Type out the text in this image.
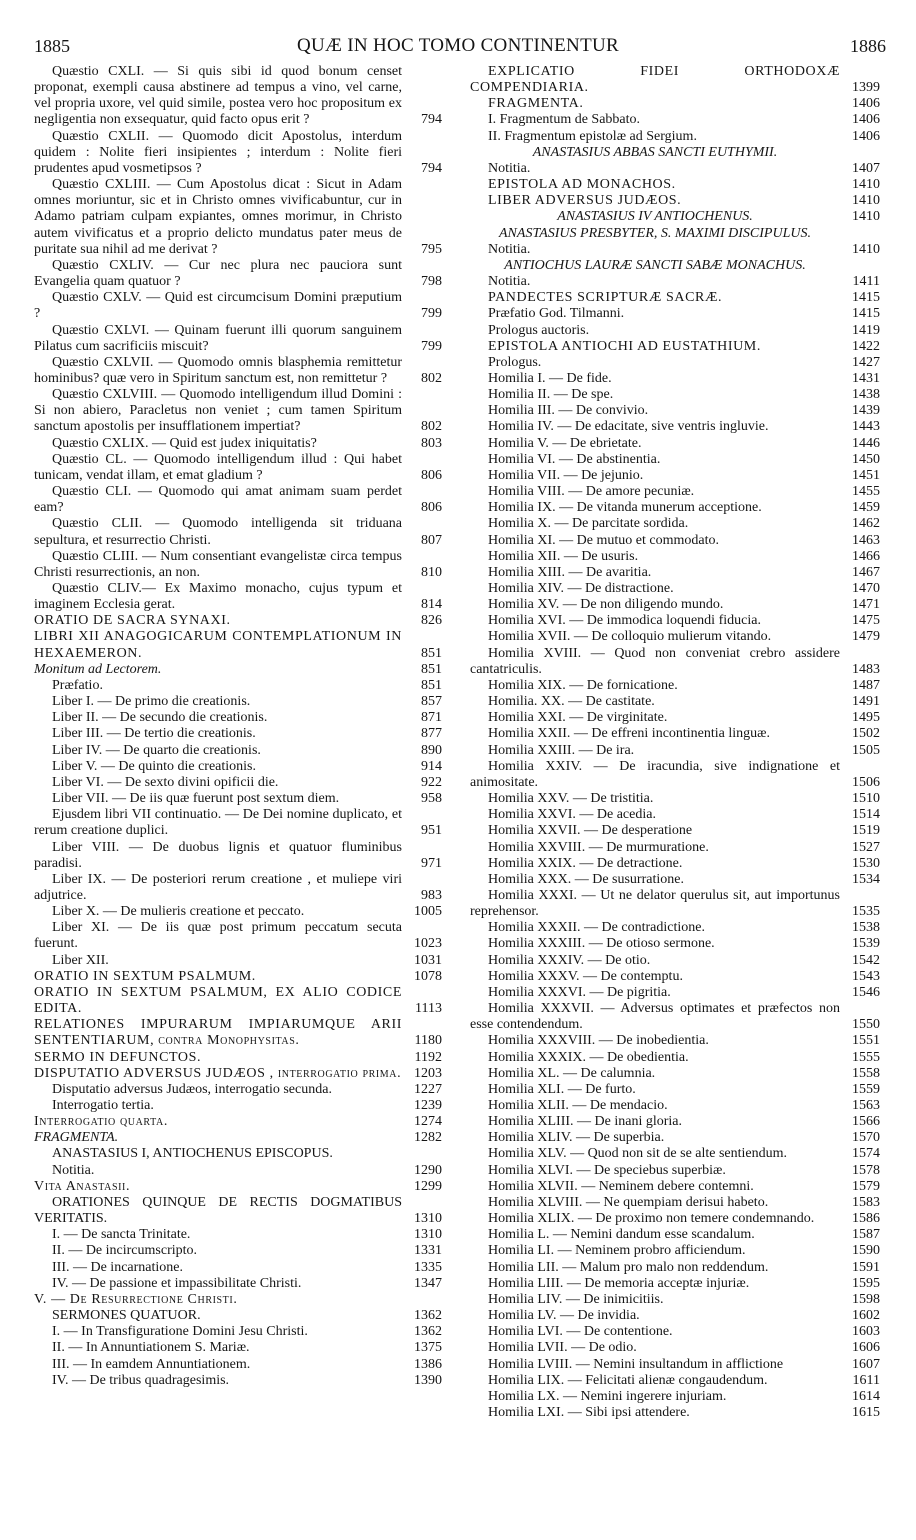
1885	QUÆ IN HOC TOMO CONTINENTUR	1886
Quæstio CXLI. — Si quis sibi id quod bonum censet proponat, exempli causa abstinere ad tempus a vino, vel carne, vel propria uxore, vel quid simile, postea vero hoc propositum ex negligentia non exsequatur, quid facto opus erit ?	794
Quæstio CXLII. — Quomodo dicit Apostolus, interdum quidem : Nolite fieri insipientes ; interdum : Nolite fieri prudentes apud vosmetipsos ?	794
Quæstio CXLIII. — Cum Apostolus dicat : Sicut in Adam omnes moriuntur, sic et in Christo omnes vivificabuntur, cur in Adamo patriam culpam expiantes, omnes morimur, in Christo autem vivificatus et a proprio delicto mundatus pater meus de puritate sua nihil ad me derivat ?	795
Quæstio CXLIV. — Cur nec plura nec pauciora sunt Evangelia quam quatuor ?	798
Quæstio CXLV. — Quid est circumcisum Domini præputium ?	799
Quæstio CXLVI. — Quinam fuerunt illi quorum sanguinem Pilatus cum sacrificiis miscuit?	799
Quæstio CXLVII. — Quomodo omnis blasphemia remittetur hominibus? quæ vero in Spiritum sanctum est, non remittetur ?	802
Quæstio CXLVIII. — Quomodo intelligendum illud Domini : Si non abiero, Paracletus non veniet ; cum tamen Spiritum sanctum apostolis per insufflationem impertiat?	802
Quæstio CXLIX. — Quid est judex iniquitatis?	803
Quæstio CL. — Quomodo intelligendum illud : Qui habet tunicam, vendat illam, et emat gladium ?	806
Quæstio CLI. — Quomodo qui amat animam suam perdet eam?	806
Quæstio CLII. — Quomodo intelligenda sit triduana sepultura, et resurrectio Christi.	807
Quæstio CLIII. — Num consentiant evangelistæ circa tempus Christi resurrectionis, an non.	810
Quæstio CLIV.— Ex Maximo monacho, cujus typum et imaginem Ecclesia gerat.	814
ORATIO DE SACRA SYNAXI.	826
LIBRI XII ANAGOGICARUM CONTEMPLATIONUM IN HEXAEMERON.	851
Monitum ad Lectorem.	851
Præfatio.	851
Liber I. — De primo die creationis.	857
Liber II. — De secundo die creationis.	871
Liber III. — De tertio die creationis.	877
Liber IV. — De quarto die creationis.	890
Liber V. — De quinto die creationis.	914
Liber VI. — De sexto divini opificii die.	922
Liber VII. — De iis quæ fuerunt post sextum diem.	958
Ejusdem libri VII continuatio. — De Dei nomine duplicato, et rerum creatione duplici.	951
Liber VIII. — De duobus lignis et quatuor fluminibus paradisi.	971
Liber IX. — De posteriori rerum creatione , et mulieре viri adjutrice.	983
Liber X. — De mulieris creatione et peccato.	1005
Liber XI. — De iis quæ post primum peccatum secuta fuerunt.	1023
Liber XII.	1031
ORATIO IN SEXTUM PSALMUM.	1078
ORATIO IN SEXTUM PSALMUM, EX ALIO CODICE EDITA.	1113
RELATIONES IMPURARUM IMPIARUMQUE ARII SENTENTIARUM, contra Monophysitas.	1180
SERMO IN DEFUNCTOS.	1192
DISPUTATIO ADVERSUS JUDÆOS , interrogatio prima. 1203
Disputatio adversus Judæos, interrogatio secunda.	1227
Interrogatio tertia.	1239
Interrogatio quarta.	1274
FRAGMENTA.	1282
ANASTASIUS I, ANTIOCHENUS EPISCOPUS.
Notitia.	1290
Vita Anastasii.	1299
ORATIONES QUINQUE DE RECTIS DOGMATIBUS VERITATIS.	1310
I. — De sancta Trinitate.	1310
II. — De incircumscripto.	1331
III. — De incarnatione.	1335
IV. — De passione et impassibilitate Christi.	1347
V. — De Resurrectione Christi.
SERMONES QUATUOR.	1362
I. — In Transfiguratione Domini Jesu Christi.	1362
II. — In Annuntiationem S. Mariæ.	1375
III. — In eamdem Annuntiationem.	1386
IV. — De tribus quadragesimis.	1390
EXPLICATIO FIDEI ORTHODOXÆ COMPENDIARIA.	1399
FRAGMENTA.	1406
I. Fragmentum de Sabbato.	1406
II. Fragmentum epistolæ ad Sergium.	1406
ANASTASIUS ABBAS SANCTI EUTHYMII.
Notitia.	1407
EPISTOLA AD MONACHOS.	1410
LIBER ADVERSUS JUDÆOS.	1410
ANASTASIUS IV ANTIOCHENUS.	1410
ANASTASIUS PRESBYTER, S. MAXIMI DISCIPULUS.
Notitia.	1410
ANTIOCHUS LAURÆ SANCTI SABÆ MONACHUS.
Notitia.	1411
PANDECTES SCRIPTURÆ SACRÆ.	1415
Præfatio God. Tilmanni.	1415
Prologus auctoris.	1419
EPISTOLA ANTIOCHI AD EUSTATHIUM.	1422
Prologus.	1427
Homilia I. — De fide.	1431
Homilia II. — De spe.	1438
Homilia III. — De convivio.	1439
Homilia IV. — De edacitate, sive ventris ingluvie.	1443
Homilia V. — De ebrietate.	1446
Homilia VI. — De abstinentia.	1450
Homilia VII. — De jejunio.	1451
Homilia VIII. — De amore pecuniæ.	1455
Homilia IX. — De vitanda munerum acceptione.	1459
Homilia X. — De parcitate sordida.	1462
Homilia XI. — De mutuo et commodato.	1463
Homilia XII. — De usuris.	1466
Homilia XIII. — De avaritia.	1467
Homilia XIV. — De distractione.	1470
Homilia XV. — De non diligendo mundo.	1471
Homilia XVI. — De immodica loquendi fiducia.	1475
Homilia XVII. — De colloquio mulierum vitando.	1479
Homilia XVIII. — Quod non conveniat crebro assidere cantatriculis.	1483
Homilia XIX. — De fornicatione.	1487
Homilia. XX. — De castitate.	1491
Homilia XXI. — De virginitate.	1495
Homilia XXII. — De effreni incontinentia linguæ.	1502
Homilia XXIII. — De ira.	1505
Homilia XXIV. — De iracundia, sive indignatione et animositate.	1506
Homilia XXV. — De tristitia.	1510
Homilia XXVI. — De acedia.	1514
Homilia XXVII. — De desperatione	1519
Homilia XXVIII. — De murmuratione.	1527
Homilia XXIX. — De detractione.	1530
Homilia XXX. — De susurratione.	1534
Homilia XXXI. — Ut ne delator querulus sit, aut importunus reprehensor.	1535
Homilia XXXII. — De contradictione.	1538
Homilia XXXIII. — De otioso sermone.	1539
Homilia XXXIV. — De otio.	1542
Homilia XXXV. — De contemptu.	1543
Homilia XXXVI. — De pigritia.	1546
Homilia XXXVII. — Adversus optimates et præfectos non esse contendendum.	1550
Homilia XXXVIII. — De inobedientia.	1551
Homilia XXXIX. — De obedientia.	1555
Homilia XL. — De calumnia.	1558
Homilia XLI. — De furto.	1559
Homilia XLII. — De mendacio.	1563
Homilia XLIII. — De inani gloria.	1566
Homilia XLIV. — De superbia.	1570
Homilia XLV. — Quod non sit de se alte sentiendum.	1574
Homilia XLVI. — De speciebus superbiæ.	1578
Homilia XLVII. — Neminem debere contemni.	1579
Homilia XLVIII. — Ne quempiam derisui habeto.	1583
Homilia XLIX. — De proximo non temere condemnando.	1586
Homilia L. — Nemini dandum esse scandalum.	1587
Homilia LI. — Neminem probro afficiendum.	1590
Homilia LII. — Malum pro malo non reddendum.	1591
Homilia LIII. — De memoria acceptæ injuriæ.	1595
Homilia LIV. — De inimicitiis.	1598
Homilia LV. — De invidia.	1602
Homilia LVI. — De contentione.	1603
Homilia LVII. — De odio.	1606
Homilia LVIII. — Nemini insultandum in afflictione	1607
Homilia LIX. — Felicitati alienæ congaudendum.	1611
Homilia LX. — Nemini ingerere injuriam.	1614
Homilia LXI. — Sibi ipsi attendere.	1615
